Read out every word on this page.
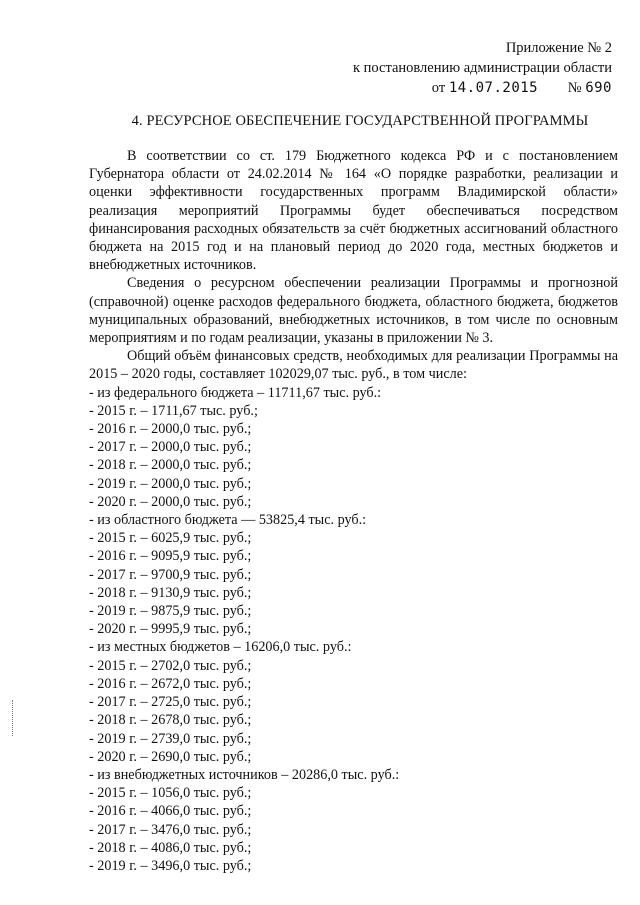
Приложение № 2
к постановлению администрации области
от 14.07.2015 № 690
4. РЕСУРСНОЕ ОБЕСПЕЧЕНИЕ ГОСУДАРСТВЕННОЙ ПРОГРАММЫ

В соответствии со ст. 179 Бюджетного кодекса РФ и с постановлением Губернатора области от 24.02.2014 № 164 «О порядке разработки, реализации и оценки эффективности государственных программ Владимирской области» реализация мероприятий Программы будет обеспечиваться посредством финансирования расходных обязательств за счёт бюджетных ассигнований областного бюджета на 2015 год и на плановый период до 2020 года, местных бюджетов и внебюджетных источников.

Сведения о ресурсном обеспечении реализации Программы и прогнозной (справочной) оценке расходов федерального бюджета, областного бюджета, бюджетов муниципальных образований, внебюджетных источников, в том числе по основным мероприятиям и по годам реализации, указаны в приложении № 3.

Общий объём финансовых средств, необходимых для реализации Программы на 2015 – 2020 годы, составляет 102029,07 тыс. руб., в том числе:

- из федерального бюджета – 11711,67 тыс. руб.:
- 2015 г. – 1711,67 тыс. руб.;
- 2016 г. – 2000,0 тыс. руб.;
- 2017 г. – 2000,0 тыс. руб.;
- 2018 г. – 2000,0 тыс. руб.;
- 2019 г. – 2000,0 тыс. руб.;
- 2020 г. – 2000,0 тыс. руб.;
- из областного бюджета — 53825,4 тыс. руб.:
- 2015 г. – 6025,9 тыс. руб.;
- 2016 г. – 9095,9 тыс. руб.;
- 2017 г. – 9700,9 тыс. руб.;
- 2018 г. – 9130,9 тыс. руб.;
- 2019 г. – 9875,9 тыс. руб.;
- 2020 г. – 9995,9 тыс. руб.;
- из местных бюджетов – 16206,0 тыс. руб.:
- 2015 г. – 2702,0 тыс. руб.;
- 2016 г. – 2672,0 тыс. руб.;
- 2017 г. – 2725,0 тыс. руб.;
- 2018 г. – 2678,0 тыс. руб.;
- 2019 г. – 2739,0 тыс. руб.;
- 2020 г. – 2690,0 тыс. руб.;
- из внебюджетных источников – 20286,0 тыс. руб.:
- 2015 г. – 1056,0 тыс. руб.;
- 2016 г. – 4066,0 тыс. руб.;
- 2017 г. – 3476,0 тыс. руб.;
- 2018 г. – 4086,0 тыс. руб.;
- 2019 г. – 3496,0 тыс. руб.;
